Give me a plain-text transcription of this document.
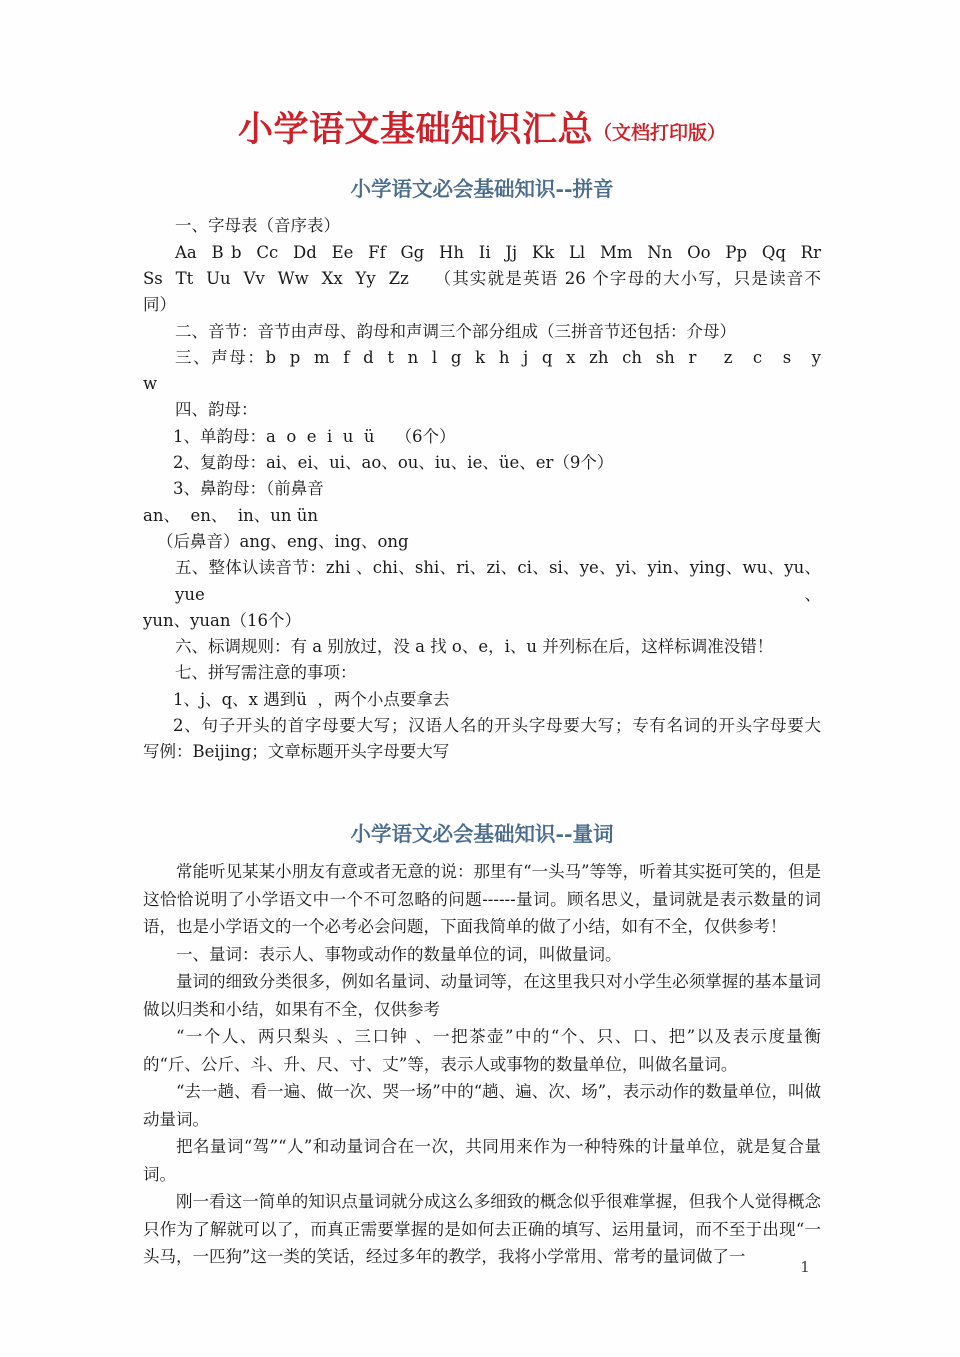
小学语文基础知识汇总（文档打印版）
小学语文必会基础知识--拼音

一、字母表（音序表）

Aa  B b  Cc  Dd  Ee  Ff  Gg  Hh  Ii  Jj  Kk  Ll  Mm  Nn  Oo  Pp  Qq  Rr

Ss  Tt  Uu  Vv  Ww  Xx  Yy  Zz    （其实就是英语 26 个字母的大小写，只是读音不

同）

二、音节：音节由声母、韵母和声调三个部分组成（三拼音节还包括：介母）

三、声母：b  p  m  f  d  t  n  l  g  k  h  j  q  x  zh  ch  sh  r    z   c   s   y

w

四、韵母：

1、单韵母：a  o  e  i  u  ü    （6个）

2、复韵母：ai、ei、ui、ao、ou、iu、ie、üe、er（9个）

3、鼻韵母：（前鼻音

an、  en、  in、un ün

（后鼻音）ang、eng、ing、ong

五、整体认读音节：zhi 、chi、shi、ri、zi、ci、si、ye、yi、yin、ying、wu、yu、yue、

yun、yuan（16个）

六、标调规则：有 a 别放过，没 a 找 o、e，i、u 并列标在后，这样标调准没错！

七、拼写需注意的事项：

1、j、q、x 遇到ü  ，两个小点要拿去

2、句子开头的首字母要大写；汉语人名的开头字母要大写；专有名词的开头字母要大

写例：Beijing；文章标题开头字母要大写

小学语文必会基础知识--量词

常能听见某某小朋友有意或者无意的说：那里有“一头马”等等，听着其实挺可笑的，但是这恰恰说明了小学语文中一个不可忽略的问题------量词。顾名思义，量词就是表示数量的词语，也是小学语文的一个必考必会问题，下面我简单的做了小结，如有不全，仅供参考！

一、量词：表示人、事物或动作的数量单位的词，叫做量词。

量词的细致分类很多，例如名量词、动量词等，在这里我只对小学生必须掌握的基本量词做以归类和小结，如果有不全，仅供参考

“一个人、两只梨头 、三口钟 、一把茶壶”中的“个、只、口、把”以及表示度量衡的“斤、公斤、斗、升、尺、寸、丈”等，表示人或事物的数量单位，叫做名量词。

“去一趟、看一遍、做一次、哭一场”中的“趟、遍、次、场”，表示动作的数量单位，叫做动量词。

把名量词“驾”“人”和动量词合在一次，共同用来作为一种特殊的计量单位，就是复合量词。

刚一看这一简单的知识点量词就分成这么多细致的概念似乎很难掌握，但我个人觉得概念只作为了解就可以了，而真正需要掌握的是如何去正确的填写、运用量词，而不至于出现“一头马，一匹狗”这一类的笑话，经过多年的教学，我将小学常用、常考的量词做了一

1
